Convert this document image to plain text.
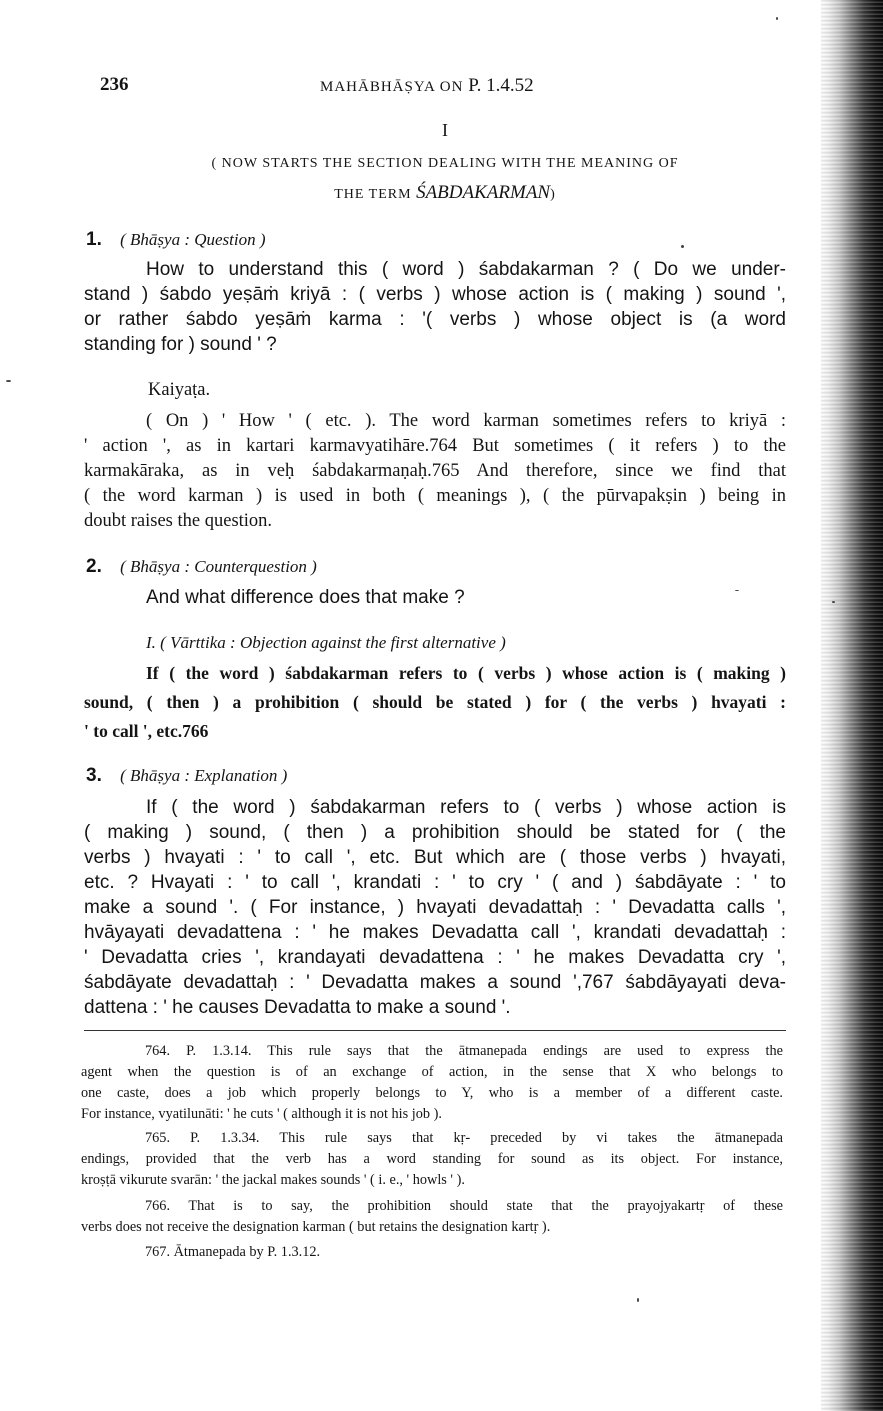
236	MAHĀBHĀṢYA ON P. 1.4.52
I
( NOW STARTS THE SECTION DEALING WITH THE MEANING OF
THE TERM ŚABDAKARMAN)
1. ( Bhāṣya : Question )
How to understand this ( word ) śabdakarman ? ( Do we under-
stand ) śabdo yeṣāṁ kriyā : ( verbs ) whose action is ( making ) sound ',
or rather śabdo yeṣāṁ karma : '( verbs ) whose object is (a word
standing for ) sound ' ?
Kaiyaṭa.
( On ) ' How ' ( etc. ). The word karman sometimes refers to kriyā :
' action ', as in kartari karmavyatihāre.764 But sometimes ( it refers ) to the
karmakāraka, as in veḥ śabdakarmaṇaḥ.765 And therefore, since we find that
( the word karman ) is used in both ( meanings ), ( the pūrvapakṣin ) being in
doubt raises the question.
2. ( Bhāṣya : Counterquestion )
And what difference does that make ?
I. ( Vārttika : Objection against the first alternative )
If ( the word ) śabdakarman refers to ( verbs ) whose action is ( making )
sound, ( then ) a prohibition ( should be stated ) for ( the verbs ) hvayati :
' to call ', etc.766
3. ( Bhāṣya : Explanation )
If ( the word ) śabdakarman refers to ( verbs ) whose action is
( making ) sound, ( then ) a prohibition should be stated for ( the
verbs ) hvayati : ' to call ', etc. But which are ( those verbs ) hvayati,
etc. ? Hvayati : ' to call ', krandati : ' to cry ' ( and ) śabdāyate : ' to
make a sound '. ( For instance, ) hvayati devadattaḥ : ' Devadatta calls ',
hvāyayati devadattena : ' he makes Devadatta call ', krandati devadattaḥ :
' Devadatta cries ', krandayati devadattena : ' he makes Devadatta cry ',
śabdāyate devadattaḥ : ' Devadatta makes a sound ',767 śabdāyayati deva-
dattena : ' he causes Devadatta to make a sound '.
764. P. 1.3.14. This rule says that the ātmanepada endings are used to express the
agent when the question is of an exchange of action, in the sense that X who belongs to
one caste, does a job which properly belongs to Y, who is a member of a different caste.
For instance, vyatilunāti: ' he cuts ' ( although it is not his job ).
765. P. 1.3.34. This rule says that kṛ- preceded by vi takes the ātmanepada
endings, provided that the verb has a word standing for sound as its object. For instance,
kroṣṭā vikurute svarān: ' the jackal makes sounds ' ( i. e., ' howls ' ).
766. That is to say, the prohibition should state that the prayojyakartṛ of these
verbs does not receive the designation karman ( but retains the designation kartṛ ).
767. Ātmanepada by P. 1.3.12.
